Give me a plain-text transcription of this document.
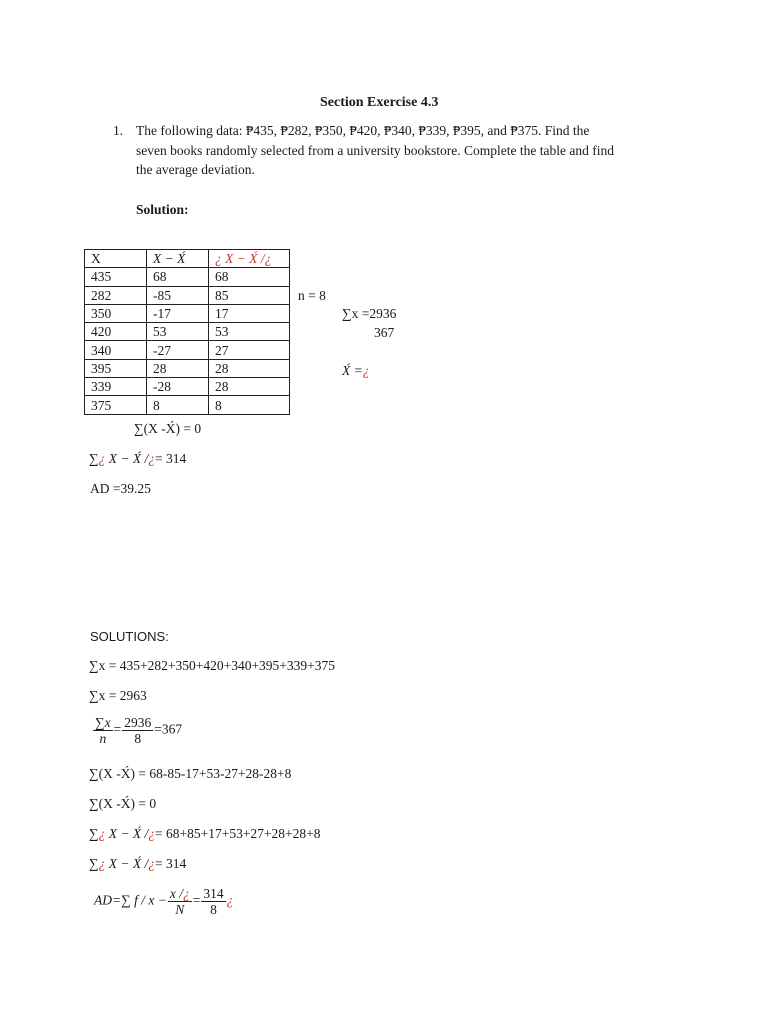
Section Exercise 4.3
1. The following data: ₱435, ₱282, ₱350, ₱420, ₱340, ₱339, ₱395, and ₱375. Find the
seven books randomly selected from a university bookstore. Complete the table and find
the average deviation.
Solution:
X	X − X́	¿ X − X́ /¿
435	68	68
282	-85	85
350	-17	17
420	53	53
340	-27	27
395	28	28
339	-28	28
375	8	8
n = 8
∑x =2936
367
X́ =¿
∑(X -X́) = 0
∑¿ X − X́ /¿= 314
AD =39.25
SOLUTIONS:
∑x = 435+282+350+420+340+395+339+375
∑x = 2963
$\frac{\sum x}{n} = \frac{2936}{8} =367$
∑(X -X́) = 68-85-17+53-27+28-28+8
∑(X -X́) = 0
∑¿ X − X́ /¿= 68+85+17+53+27+28+28+8
∑¿ X − X́ /¿= 314
AD=∑ $f / x - \frac{x /¿}{N} = \frac{314}{8}$ ¿
